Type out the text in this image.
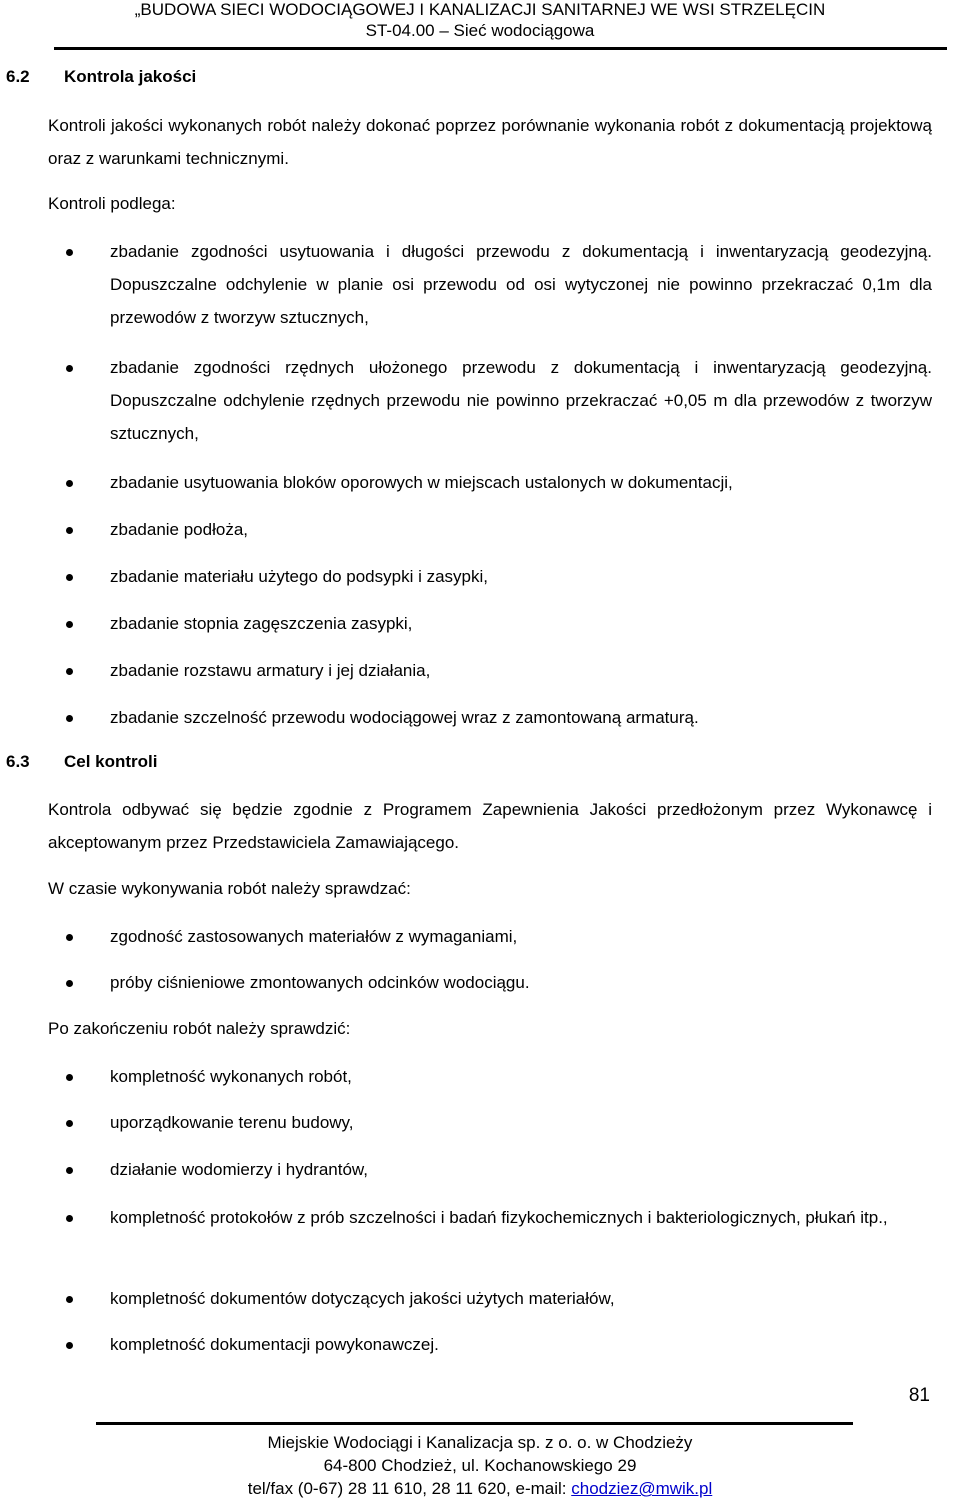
„BUDOWA SIECI WODOCIĄGOWEJ I KANALIZACJI SANITARNEJ WE WSI STRZELĘCIN
ST-04.00 – Sieć wodociągowa
6.2 Kontrola jakości
Kontroli jakości wykonanych robót należy dokonać poprzez porównanie wykonania robót z dokumentacją projektową oraz z warunkami technicznymi.
Kontroli podlega:
zbadanie zgodności usytuowania i długości przewodu z dokumentacją i inwentaryzacją geodezyjną. Dopuszczalne odchylenie w planie osi przewodu od osi wytyczonej nie powinno przekraczać 0,1m dla przewodów z tworzyw sztucznych,
zbadanie zgodności rzędnych ułożonego przewodu z dokumentacją i inwentaryzacją geodezyjną. Dopuszczalne odchylenie rzędnych przewodu nie powinno przekraczać +0,05 m dla przewodów z tworzyw sztucznych,
zbadanie usytuowania bloków oporowych w miejscach ustalonych w dokumentacji,
zbadanie podłoża,
zbadanie materiału użytego do podsypki i zasypki,
zbadanie stopnia zagęszczenia zasypki,
zbadanie rozstawu armatury i jej działania,
zbadanie szczelność przewodu wodociągowej wraz z zamontowaną armaturą.
6.3 Cel kontroli
Kontrola odbywać się będzie zgodnie z Programem Zapewnienia Jakości przedłożonym przez Wykonawcę i akceptowanym przez Przedstawiciela Zamawiającego.
W czasie wykonywania robót należy sprawdzać:
zgodność zastosowanych materiałów z wymaganiami,
próby ciśnieniowe zmontowanych odcinków wodociągu.
Po zakończeniu robót należy sprawdzić:
kompletność wykonanych robót,
uporządkowanie terenu budowy,
działanie wodomierzy i hydrantów,
kompletność protokołów z prób szczelności i badań fizykochemicznych i bakteriologicznych, płukań itp.,
kompletność dokumentów dotyczących jakości użytych materiałów,
kompletność dokumentacji powykonawczej.
81
Miejskie Wodociągi i Kanalizacja sp. z o. o. w Chodzieży
64-800 Chodzież, ul. Kochanowskiego 29
tel/fax (0-67) 28 11 610, 28 11 620, e-mail: chodziez@mwik.pl
